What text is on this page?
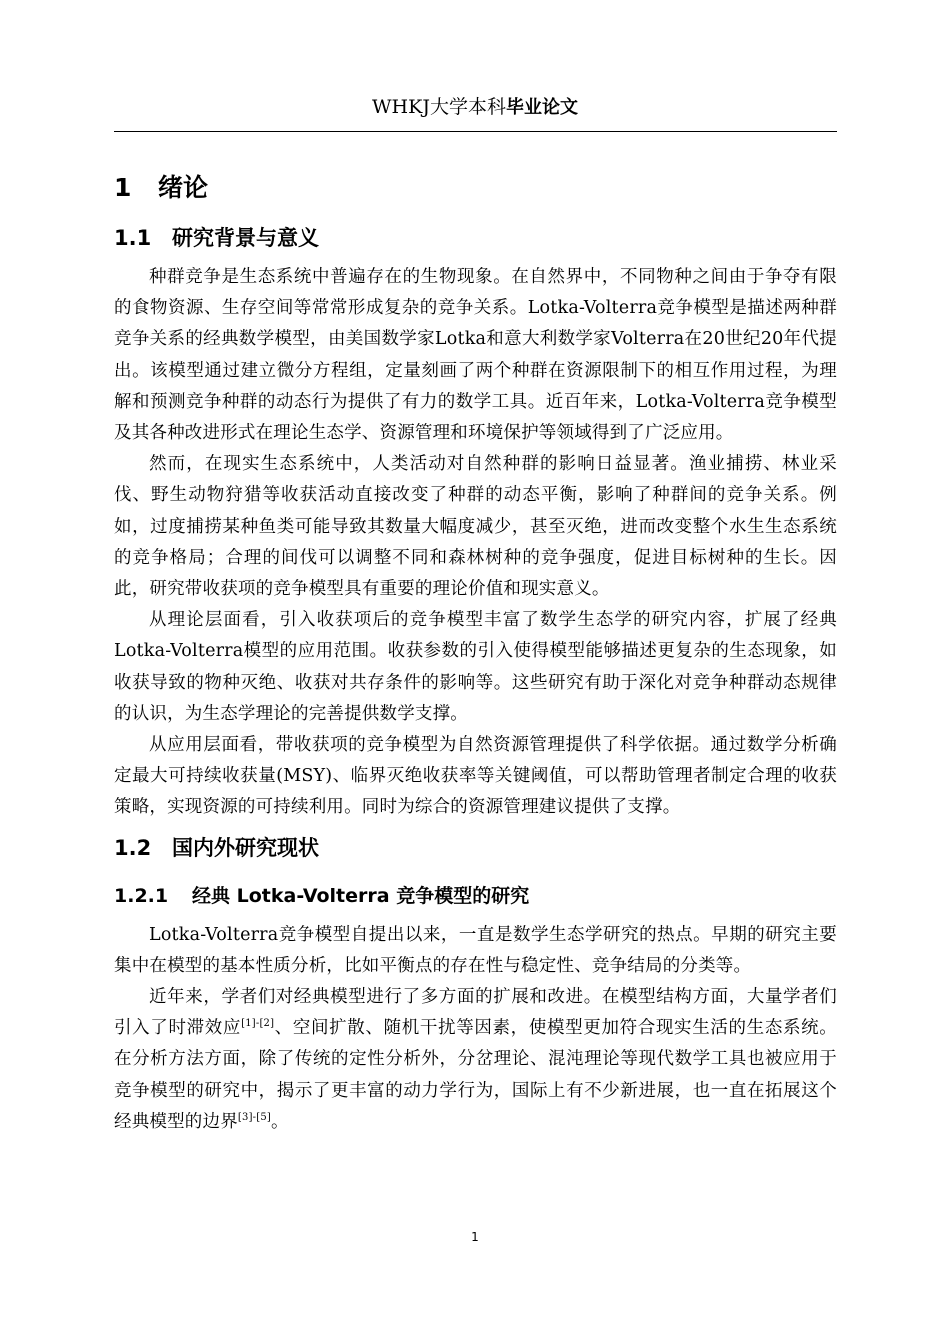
WHKJ大学本科毕业论文
1 绪论
1.1 研究背景与意义

种群竞争是生态系统中普遍存在的生物现象。在自然界中，不同物种之间由于争夺有限的食物资源、生存空间等常常形成复杂的竞争关系。Lotka-Volterra竞争模型是描述两种群竞争关系的经典数学模型，由美国数学家Lotka和意大利数学家Volterra在20世纪20年代提出。该模型通过建立微分方程组，定量刻画了两个种群在资源限制下的相互作用过程，为理解和预测竞争种群的动态行为提供了有力的数学工具。近百年来，Lotka-Volterra竞争模型及其各种改进形式在理论生态学、资源管理和环境保护等领域得到了广泛应用。

然而，在现实生态系统中，人类活动对自然种群的影响日益显著。渔业捕捞、林业采伐、野生动物狩猎等收获活动直接改变了种群的动态平衡，影响了种群间的竞争关系。例如，过度捕捞某种鱼类可能导致其数量大幅度减少，甚至灭绝，进而改变整个水生生态系统的竞争格局；合理的间伐可以调整不同和森林树种的竞争强度，促进目标树种的生长。因此，研究带收获项的竞争模型具有重要的理论价值和现实意义。

从理论层面看，引入收获项后的竞争模型丰富了数学生态学的研究内容，扩展了经典Lotka-Volterra模型的应用范围。收获参数的引入使得模型能够描述更复杂的生态现象，如收获导致的物种灭绝、收获对共存条件的影响等。这些研究有助于深化对竞争种群动态规律的认识，为生态学理论的完善提供数学支撑。

从应用层面看，带收获项的竞争模型为自然资源管理提供了科学依据。通过数学分析确定最大可持续收获量(MSY)、临界灭绝收获率等关键阈值，可以帮助管理者制定合理的收获策略，实现资源的可持续利用。同时为综合的资源管理建议提供了支撑。

1.2 国内外研究现状
1.2.1 经典 Lotka-Volterra 竞争模型的研究

Lotka-Volterra竞争模型自提出以来，一直是数学生态学研究的热点。早期的研究主要集中在模型的基本性质分析，比如平衡点的存在性与稳定性、竞争结局的分类等。

近年来，学者们对经典模型进行了多方面的扩展和改进。在模型结构方面，大量学者们引入了时滞效应[1]-[2]、空间扩散、随机干扰等因素，使模型更加符合现实生活的生态系统。在分析方法方面，除了传统的定性分析外，分岔理论、混沌理论等现代数学工具也被应用于竞争模型的研究中，揭示了更丰富的动力学行为，国际上有不少新进展，也一直在拓展这个经典模型的边界[3]-[5]。

1
